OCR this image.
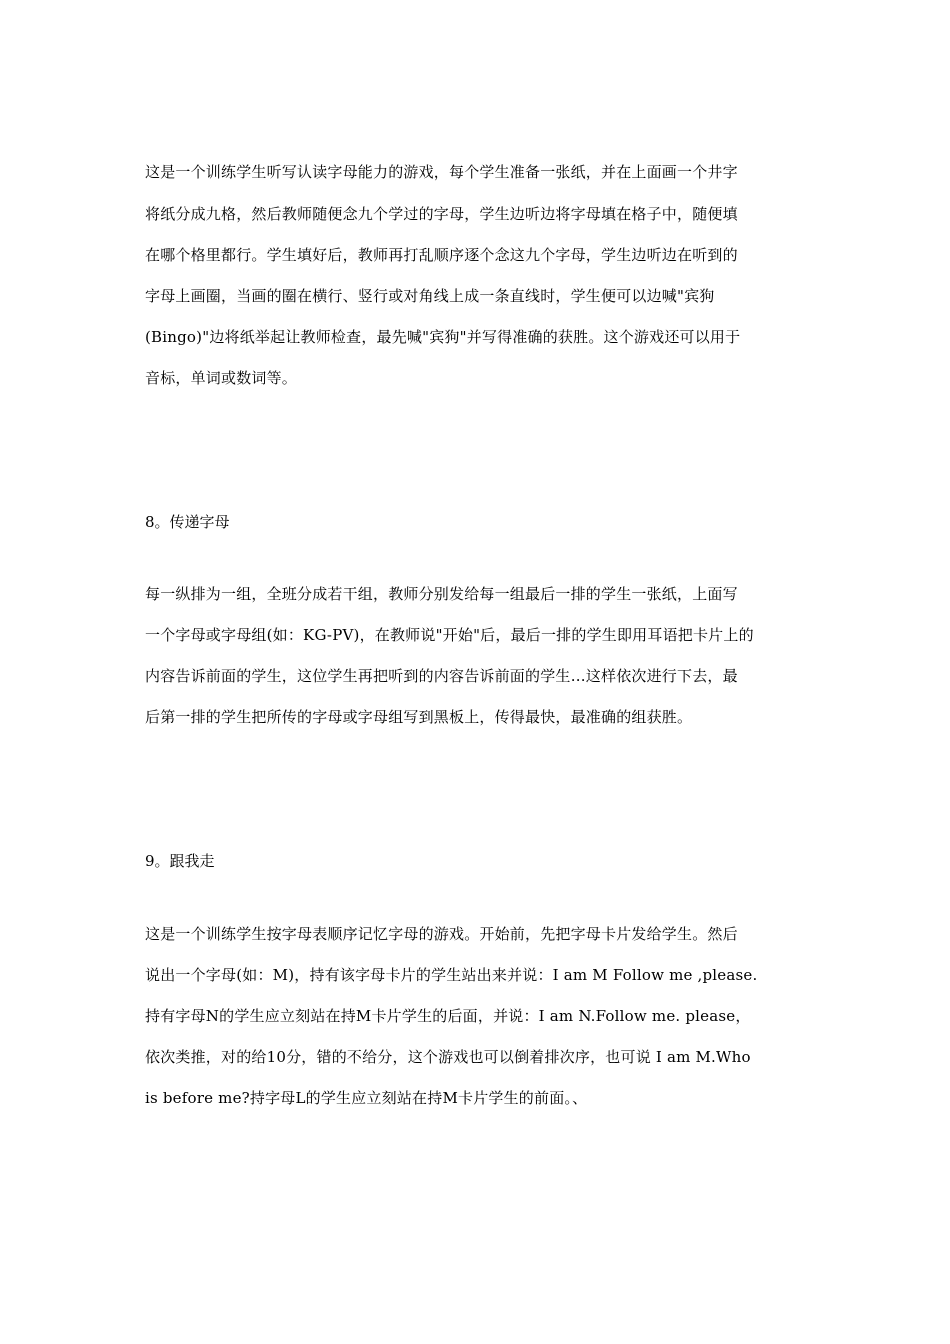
这是一个训练学生听写认读字母能力的游戏，每个学生准备一张纸，并在上面画一个井字
将纸分成九格，然后教师随便念九个学过的字母，学生边听边将字母填在格子中，随便填
在哪个格里都行。学生填好后，教师再打乱顺序逐个念这九个字母，学生边听边在听到的
字母上画圈，当画的圈在横行、竖行或对角线上成一条直线时，学生便可以边喊"宾狗
(Bingo)"边将纸举起让教师检查，最先喊"宾狗"并写得准确的获胜。这个游戏还可以用于
音标，单词或数词等。
8。传递字母
每一纵排为一组，全班分成若干组，教师分别发给每一组最后一排的学生一张纸，上面写
一个字母或字母组(如：KG-PV)，在教师说"开始"后，最后一排的学生即用耳语把卡片上的
内容告诉前面的学生，这位学生再把听到的内容告诉前面的学生…这样依次进行下去，最
后第一排的学生把所传的字母或字母组写到黑板上，传得最快，最准确的组获胜。
9。跟我走
这是一个训练学生按字母表顺序记忆字母的游戏。开始前，先把字母卡片发给学生。然后
说出一个字母(如：M)，持有该字母卡片的学生站出来并说：I am M Follow me ,please.
持有字母N的学生应立刻站在持M卡片学生的后面，并说：I am N.Follow me. please，
依次类推，对的给10分，错的不给分，这个游戏也可以倒着排次序，也可说 I am M.Who
is before me?持字母L的学生应立刻站在持M卡片学生的前面。、
